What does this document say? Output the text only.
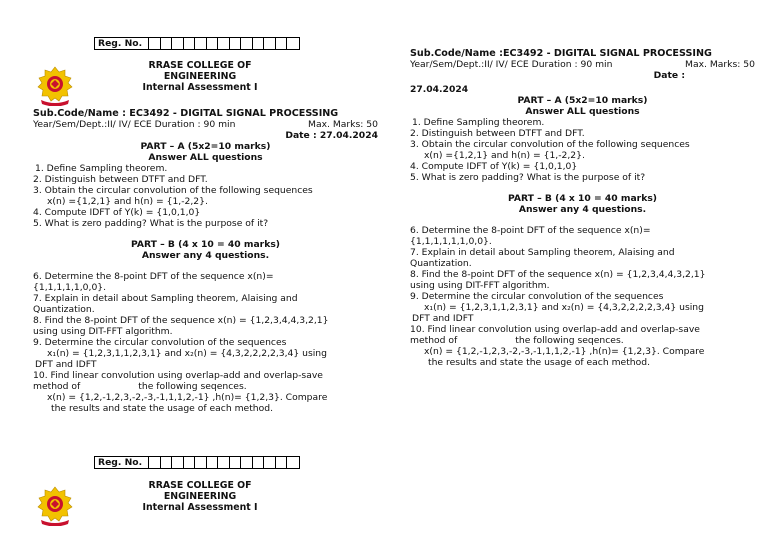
Reg. No.

RRASE COLLEGE OF ENGINEERING

Internal Assessment I

Sub.Code/Name : EC3492 - DIGITAL SIGNAL PROCESSING

Year/Sem/Dept.:II/ IV/ ECE Duration : 90 min	Max. Marks: 50

Date : 27.04.2024

PART – A (5x2=10 marks)

Answer ALL questions

1. Define Sampling theorem.

2. Distinguish between DTFT and DFT.

3. Obtain the circular convolution of the following sequences

x(n) ={1,2,1} and h(n) = {1,-2,2}.

4. Compute IDFT of Y(k) = {1,0,1,0}

5. What is zero padding? What is the purpose of it?

PART – B (4 x 10 = 40 marks)

Answer any 4 questions.

6. Determine the 8-point DFT of the sequence x(n)=

{1,1,1,1,1,0,0}.

7. Explain in detail about Sampling theorem, Alaising and

Quantization.

8. Find the 8-point DFT of the sequence x(n) = {1,2,3,4,4,3,2,1}

using using DIT-FFT algorithm.

9. Determine the circular convolution of the sequences

x₁(n) = {1,2,3,1,1,2,3,1} and x₂(n) = {4,3,2,2,2,2,3,4} using

DFT and IDFT

10. Find linear convolution using overlap-add and overlap-save

method of	the following seqences.

x(n) = {1,2,-1,2,3,-2,-3,-1,1,1,2,-1} ,h(n)= {1,2,3}. Compare

the results and state the usage of each method.

Reg. No.

RRASE COLLEGE OF ENGINEERING

Internal Assessment I

Sub.Code/Name :EC3492 - DIGITAL SIGNAL PROCESSING

Year/Sem/Dept.:II/ IV/ ECE Duration : 90 min	Max. Marks: 50

Date :

27.04.2024

PART – A (5x2=10 marks)

Answer ALL questions

1. Define Sampling theorem.

2. Distinguish between DTFT and DFT.

3. Obtain the circular convolution of the following sequences

x(n) ={1,2,1} and h(n) = {1,-2,2}.

4. Compute IDFT of Y(k) = {1,0,1,0}

5. What is zero padding? What is the purpose of it?

PART – B (4 x 10 = 40 marks)

Answer any 4 questions.

6. Determine the 8-point DFT of the sequence x(n)=

{1,1,1,1,1,1,0,0}.

7. Explain in detail about Sampling theorem, Alaising and

Quantization.

8. Find the 8-point DFT of the sequence x(n) = {1,2,3,4,4,3,2,1}

using using DIT-FFT algorithm.

9. Determine the circular convolution of the sequences

x₁(n) = {1,2,3,1,1,2,3,1} and x₂(n) = {4,3,2,2,2,2,3,4} using

DFT and IDFT

10. Find linear convolution using overlap-add and overlap-save

method of	the following seqences.

x(n) = {1,2,-1,2,3,-2,-3,-1,1,1,2,-1} ,h(n)= {1,2,3}. Compare

the results and state the usage of each method.
